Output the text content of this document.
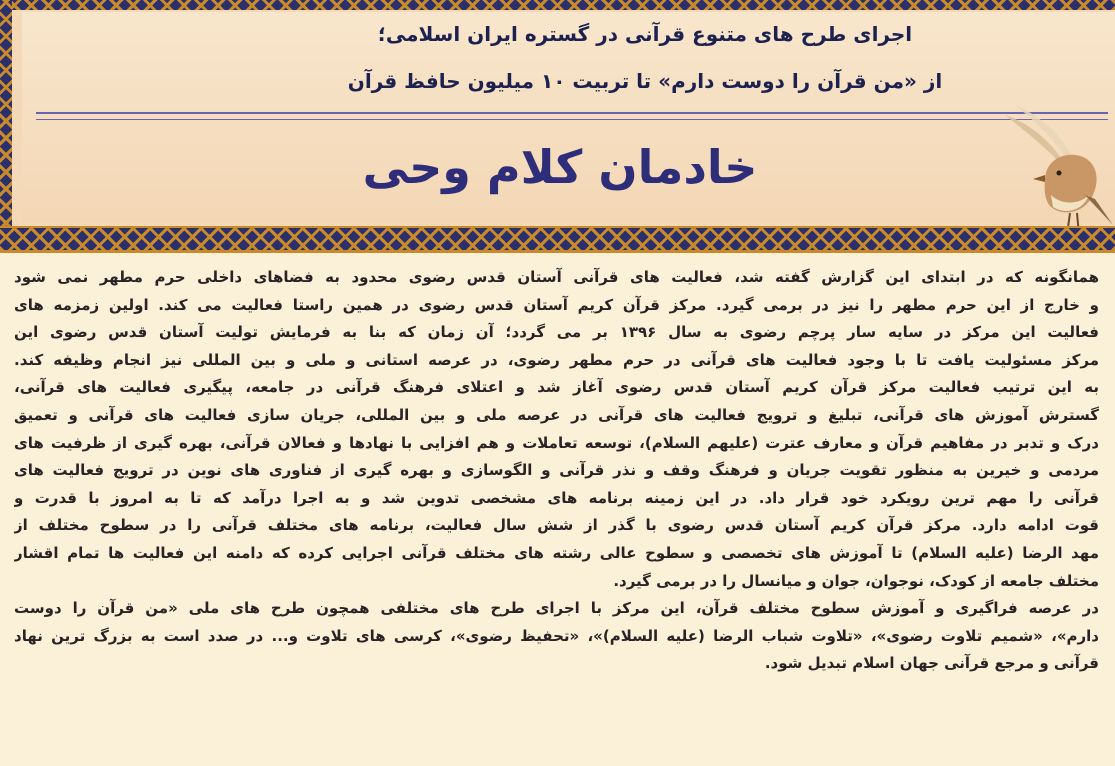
اجرای طرح های متنوع قرآنی در گستره ایران اسلامی؛
از «من قرآن را دوست دارم» تا تربیت ۱۰ میلیون حافظ قرآن
خادمان کلام وحی
همانگونه که در ابتدای این گزارش گفته شد، فعالیت های قرآنی آستان قدس رضوی محدود به فضاهای داخلی حرم مطهر نمی شود
و خارج از این حرم مطهر را نیز در برمی گیرد. مرکز قرآن کریم آستان قدس رضوی در همین راستا فعالیت می کند. اولین زمزمه های
فعالیت این مرکز در سایه سار پرچم رضوی به سال ۱۳۹۶ بر می گردد؛ آن زمان که بنا به فرمایش تولیت آستان قدس رضوی این
مرکز مسئولیت یافت تا با وجود فعالیت های قرآنی در حرم مطهر رضوی، در عرصه استانی و ملی و بین المللی نیز انجام وظیفه کند.
به این ترتیب فعالیت مرکز قرآن کریم آستان قدس رضوی آغاز شد و اعتلای فرهنگ قرآنی در جامعه، پیگیری فعالیت های قرآنی،
گسترش آموزش های قرآنی، تبلیغ و ترویج فعالیت های قرآنی در عرصه ملی و بین المللی، جریان سازی فعالیت های قرآنی و تعمیق
درک و تدبر در مفاهیم قرآن و معارف عترت (علیهم السلام)، توسعه تعاملات و هم افزایی با نهادها و فعالان قرآنی، بهره گیری از ظرفیت های
مردمی و خیرین به منظور تقویت جریان و فرهنگ وقف و نذر قرآنی و الگوسازی و بهره گیری از فناوری های نوین در ترویج فعالیت های
قرآنی را مهم ترین رویکرد خود قرار داد. در این زمینه برنامه های مشخصی تدوین شد و به اجرا درآمد که تا به امروز با قدرت و
قوت ادامه دارد. مرکز قرآن کریم آستان قدس رضوی با گذر از شش سال فعالیت، برنامه های مختلف قرآنی را در سطوح مختلف از
مهد الرضا (علیه السلام) تا آموزش های تخصصی و سطوح عالی رشته های مختلف قرآنی اجرایی کرده که دامنه این فعالیت ها تمام اقشار
مختلف جامعه از کودک، نوجوان، جوان و میانسال را در برمی گیرد.
در عرصه فراگیری و آموزش سطوح مختلف قرآن، این مرکز با اجرای طرح های مختلفی همچون طرح های ملی «من قرآن را دوست
دارم»، «شمیم تلاوت رضوی»، «تلاوت شباب الرضا (علیه السلام)»، «تحفیظ رضوی»، کرسی های تلاوت و... در صدد است به بزرگ ترین نهاد
قرآنی و مرجع قرآنی جهان اسلام تبدیل شود.
